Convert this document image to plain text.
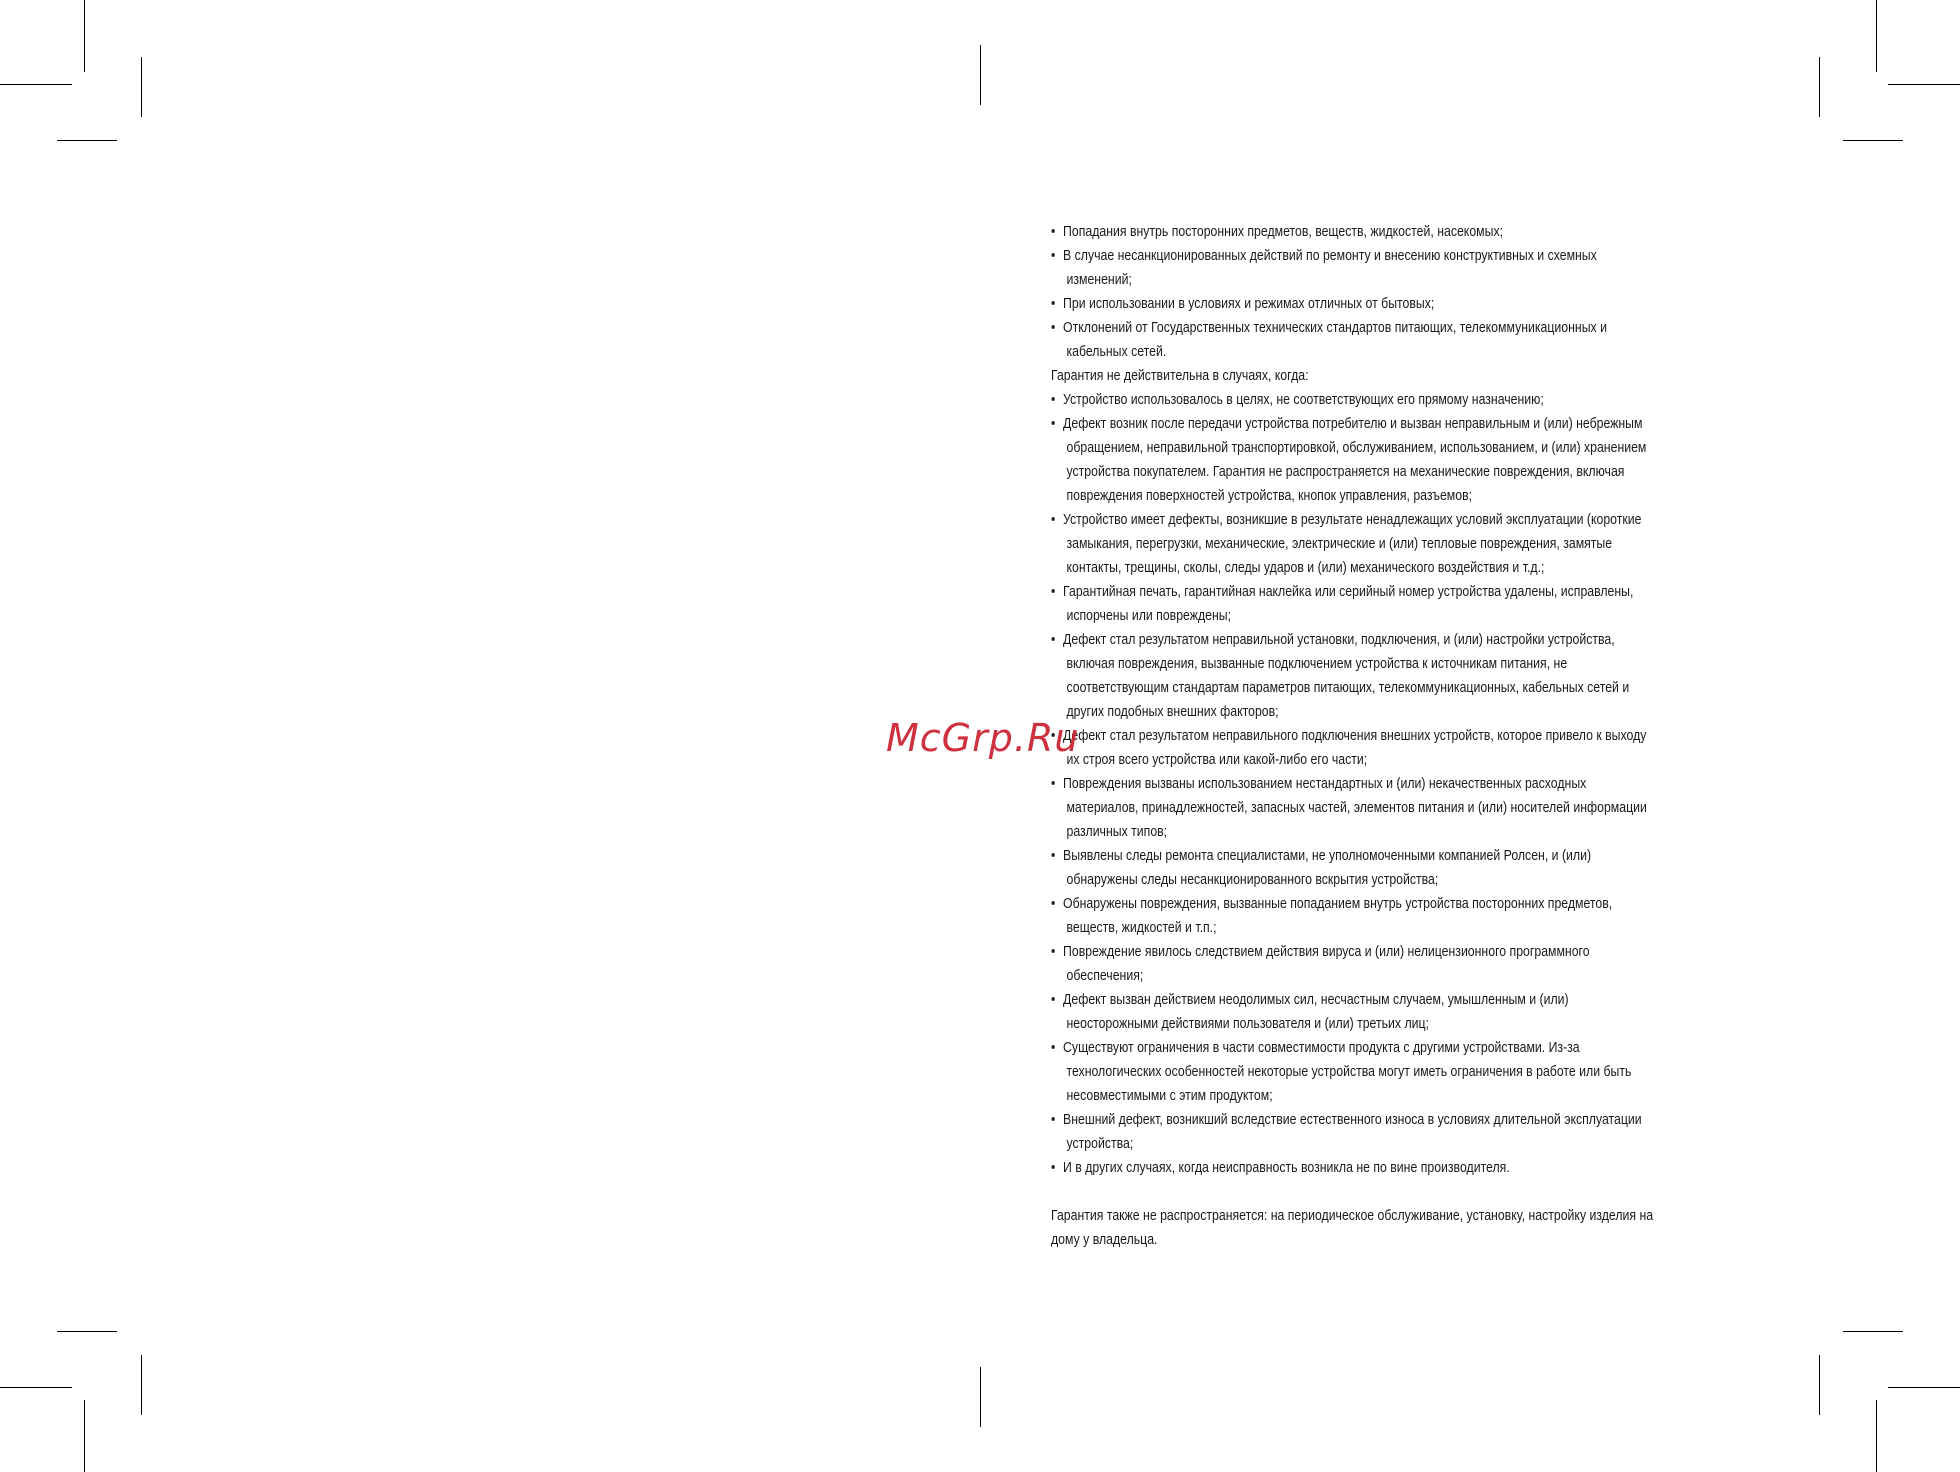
• Попадания внутрь посторонних предметов, веществ, жидкостей, насекомых;
• В случае несанкционированных действий по ремонту и внесению конструктивных и схемных
изменений;
• При использовании в условиях и режимах отличных от бытовых;
• Отклонений от Государственных технических стандартов питающих, телекоммуникационных и
кабельных сетей.
Гарантия не действительна в случаях, когда:
• Устройство использовалось в целях, не соответствующих его прямому назначению;
• Дефект возник после передачи устройства потребителю и вызван неправильным и (или) небрежным
обращением, неправильной транспортировкой, обслуживанием, использованием, и (или) хранением
устройства покупателем. Гарантия не распространяется на механические повреждения, включая
повреждения поверхностей устройства, кнопок управления, разъемов;
• Устройство имеет дефекты, возникшие в результате ненадлежащих условий эксплуатации (короткие
замыкания, перегрузки, механические, электрические и (или) тепловые повреждения, замятые
контакты, трещины, сколы, следы ударов и (или) механического воздействия и т.д.;
• Гарантийная печать, гарантийная наклейка или серийный номер устройства удалены, исправлены,
испорчены или повреждены;
• Дефект стал результатом неправильной установки, подключения, и (или) настройки устройства,
включая повреждения, вызванные подключением устройства к источникам питания, не
соответствующим стандартам параметров питающих, телекоммуникационных, кабельных сетей и
других подобных внешних факторов;
• Дефект стал результатом неправильного подключения внешних устройств, которое привело к выходу
их строя всего устройства или какой-либо его части;
• Повреждения вызваны использованием нестандартных и (или) некачественных расходных
материалов, принадлежностей, запасных частей, элементов питания и (или) носителей информации
различных типов;
• Выявлены следы ремонта специалистами, не уполномоченными компанией Ролсен, и (или)
обнаружены следы несанкционированного вскрытия устройства;
• Обнаружены повреждения, вызванные попаданием внутрь устройства посторонних предметов,
веществ, жидкостей и т.п.;
• Повреждение явилось следствием действия вируса и (или) нелицензионного программного
обеспечения;
• Дефект вызван действием неодолимых сил, несчастным случаем, умышленным и (или)
неосторожными действиями пользователя и (или) третьих лиц;
• Существуют ограничения в части совместимости продукта с другими устройствами. Из-за
технологических особенностей некоторые устройства могут иметь ограничения в работе или быть
несовместимыми с этим продуктом;
• Внешний дефект, возникший вследствие естественного износа в условиях длительной эксплуатации
устройства;
• И в других случаях, когда неисправность возникла не по вине производителя.
Гарантия также не распространяется: на периодическое обслуживание, установку, настройку изделия на
дому у владельца.
McGrp.Ru
